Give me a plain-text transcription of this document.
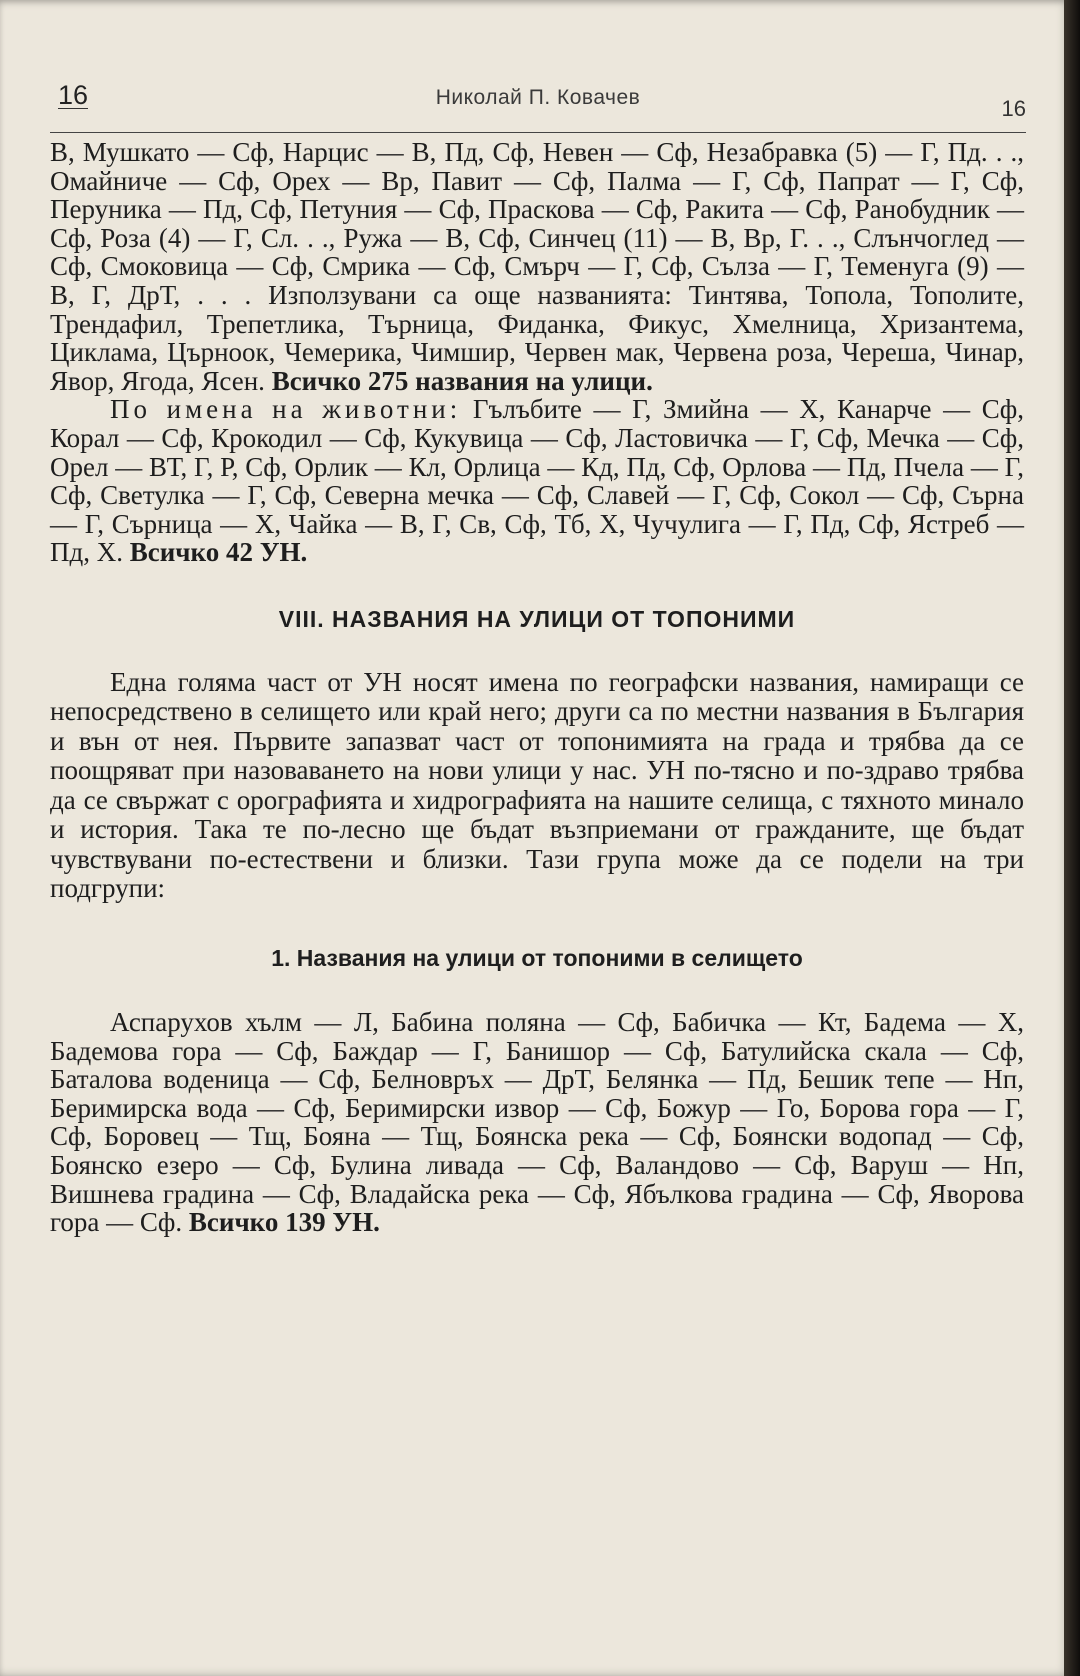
16	Николай П. Ковачев	16

В, Мушкато — Сф, Нарцис — В, Пд, Сф, Невен — Сф, Незабравка (5) — Г, Пд. . ., Омайниче — Сф, Орех — Вр, Павит — Сф, Палма — Г, Сф, Папрат — Г, Сф, Перуника — Пд, Сф, Петуния — Сф, Праскова — Сф, Ракита — Сф, Ранобудник — Сф, Роза (4) — Г, Сл. . ., Ружа — В, Сф, Синчец (11) — В, Вр, Г. . ., Слънчоглед — Сф, Смоковица — Сф, Смрика — Сф, Смърч — Г, Сф, Сълза — Г, Теменуга (9) — В, Г, ДрТ, . . . Използувани са още названията: Тинтява, Топола, Тополите, Трендафил, Трепетлика, Търница, Фиданка, Фикус, Хмелница, Хризантема, Циклама, Църноок, Чемерика, Чимшир, Червен мак, Червена роза, Череша, Чинар, Явор, Ягода, Ясен. Всичко 275 названия на улици.

По имена на животни: Гълъбите — Г, Змийна — Х, Канарче — Сф, Корал — Сф, Крокодил — Сф, Кукувица — Сф, Ластовичка — Г, Сф, Мечка — Сф, Орел — ВТ, Г, Р, Сф, Орлик — Кл, Орлица — Кд, Пд, Сф, Орлова — Пд, Пчела — Г, Сф, Светулка — Г, Сф, Северна мечка — Сф, Славей — Г, Сф, Сокол — Сф, Сърна — Г, Сърница — Х, Чайка — В, Г, Св, Сф, Тб, Х, Чучулига — Г, Пд, Сф, Ястреб — Пд, Х. Всичко 42 УН.

VIII. НАЗВАНИЯ НА УЛИЦИ ОТ ТОПОНИМИ

Една голяма част от УН носят имена по географски названия, намиращи се непосредствено в селището или край него; други са по местни названия в България и вън от нея. Първите запазват част от топонимията на града и трябва да се поощряват при назоваването на нови улици у нас. УН по-тясно и по-здраво трябва да се свържат с орографията и хидрографията на нашите селища, с тяхното минало и история. Така те по-лесно ще бъдат възприемани от гражданите, ще бъдат чувствувани по-естествени и близки. Тази група може да се подели на три подгрупи:

1. Названия на улици от топоними в селището

Аспарухов хълм — Л, Бабина поляна — Сф, Бабичка — Кт, Бадема — Х, Бадемова гора — Сф, Баждар — Г, Банишор — Сф, Батулийска скала — Сф, Баталова воденица — Сф, Белновръх — ДрТ, Белянка — Пд, Бешик тепе — Нп, Беримирска вода — Сф, Беримирски извор — Сф, Божур — Го, Борова гора — Г, Сф, Боровец — Тщ, Бояна — Тщ, Боянска река — Сф, Боянски водопад — Сф, Боянско езеро — Сф, Булина ливада — Сф, Валандово — Сф, Варуш — Нп, Вишнева градина — Сф, Владайска река — Сф, Ябълкова градина — Сф, Яворова гора — Сф. Всичко 139 УН.
